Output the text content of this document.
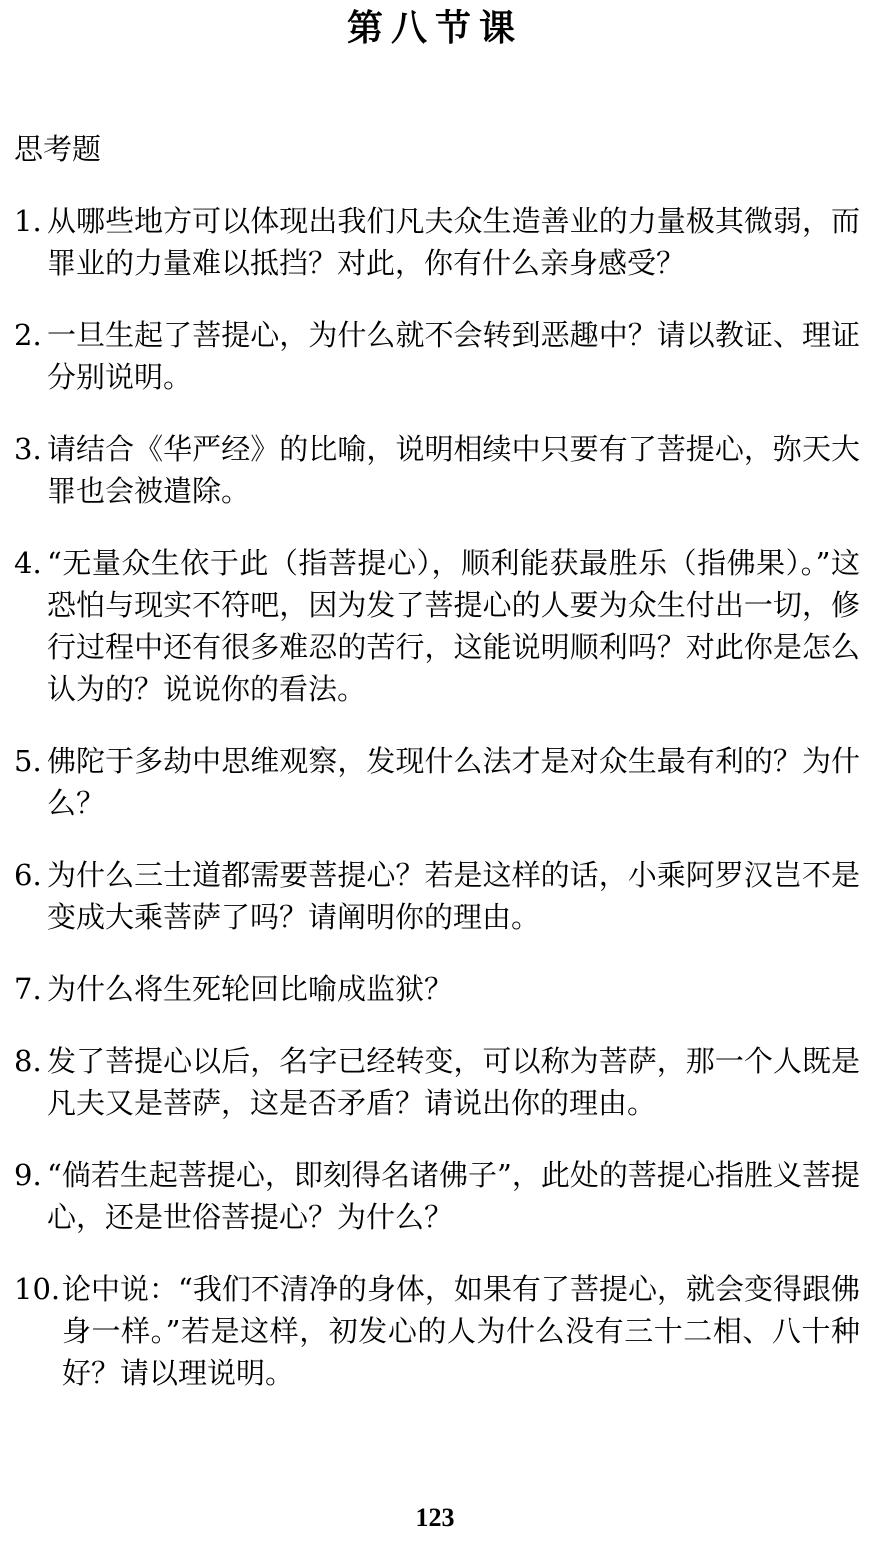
第八节课
思考题
1. 从哪些地方可以体现出我们凡夫众生造善业的力量极其微弱，而罪业的力量难以抵挡？对此，你有什么亲身感受？
2. 一旦生起了菩提心，为什么就不会转到恶趣中？请以教证、理证分别说明。
3. 请结合《华严经》的比喻，说明相续中只要有了菩提心，弥天大罪也会被遣除。
4. “无量众生依于此（指菩提心），顺利能获最胜乐（指佛果）。”这恐怕与现实不符吧，因为发了菩提心的人要为众生付出一切，修行过程中还有很多难忍的苦行，这能说明顺利吗？对此你是怎么认为的？说说你的看法。
5. 佛陀于多劫中思维观察，发现什么法才是对众生最有利的？为什么？
6. 为什么三士道都需要菩提心？若是这样的话，小乘阿罗汉岂不是变成大乘菩萨了吗？请阐明你的理由。
7. 为什么将生死轮回比喻成监狱？
8. 发了菩提心以后，名字已经转变，可以称为菩萨，那一个人既是凡夫又是菩萨，这是否矛盾？请说出你的理由。
9. “倘若生起菩提心，即刻得名诸佛子”，此处的菩提心指胜义菩提心，还是世俗菩提心？为什么？
10. 论中说：“我们不清净的身体，如果有了菩提心，就会变得跟佛身一样。”若是这样，初发心的人为什么没有三十二相、八十种好？请以理说明。
123
